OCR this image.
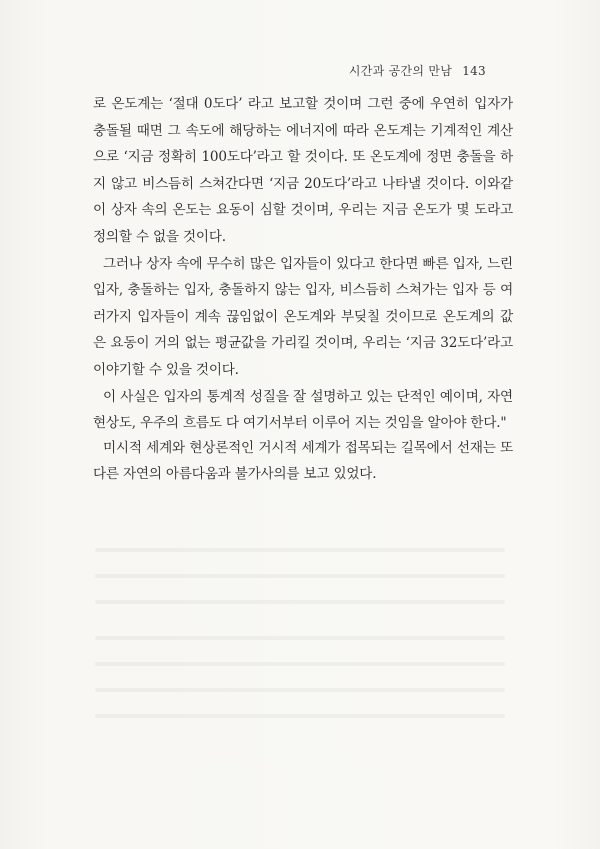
시간과 공간의 만남 143

로 온도계는 ‘절대 0도다’ 라고 보고할 것이며 그런 중에 우연히 입자가 충돌될 때면 그 속도에 해당하는 에너지에 따라 온도계는 기계적인 계산으로 ‘지금 정확히 100도다’라고 할 것이다. 또 온도계에 정면 충돌을 하지 않고 비스듬히 스쳐간다면 ‘지금 20도다’라고 나타낼 것이다. 이와같이 상자 속의 온도는 요동이 심할 것이며, 우리는 지금 온도가 몇 도라고 정의할 수 없을 것이다.

그러나 상자 속에 무수히 많은 입자들이 있다고 한다면 빠른 입자, 느린 입자, 충돌하는 입자, 충돌하지 않는 입자, 비스듬히 스쳐가는 입자 등 여러가지 입자들이 계속 끊임없이 온도계와 부딪칠 것이므로 온도계의 값은 요동이 거의 없는 평균값을 가리킬 것이며, 우리는 ‘지금 32도다’라고 이야기할 수 있을 것이다.

이 사실은 입자의 통계적 성질을 잘 설명하고 있는 단적인 예이며, 자연현상도, 우주의 흐름도 다 여기서부터 이루어 지는 것임을 알아야 한다."

미시적 세계와 현상론적인 거시적 세계가 접목되는 길목에서 선재는 또 다른 자연의 아름다움과 불가사의를 보고 있었다.
